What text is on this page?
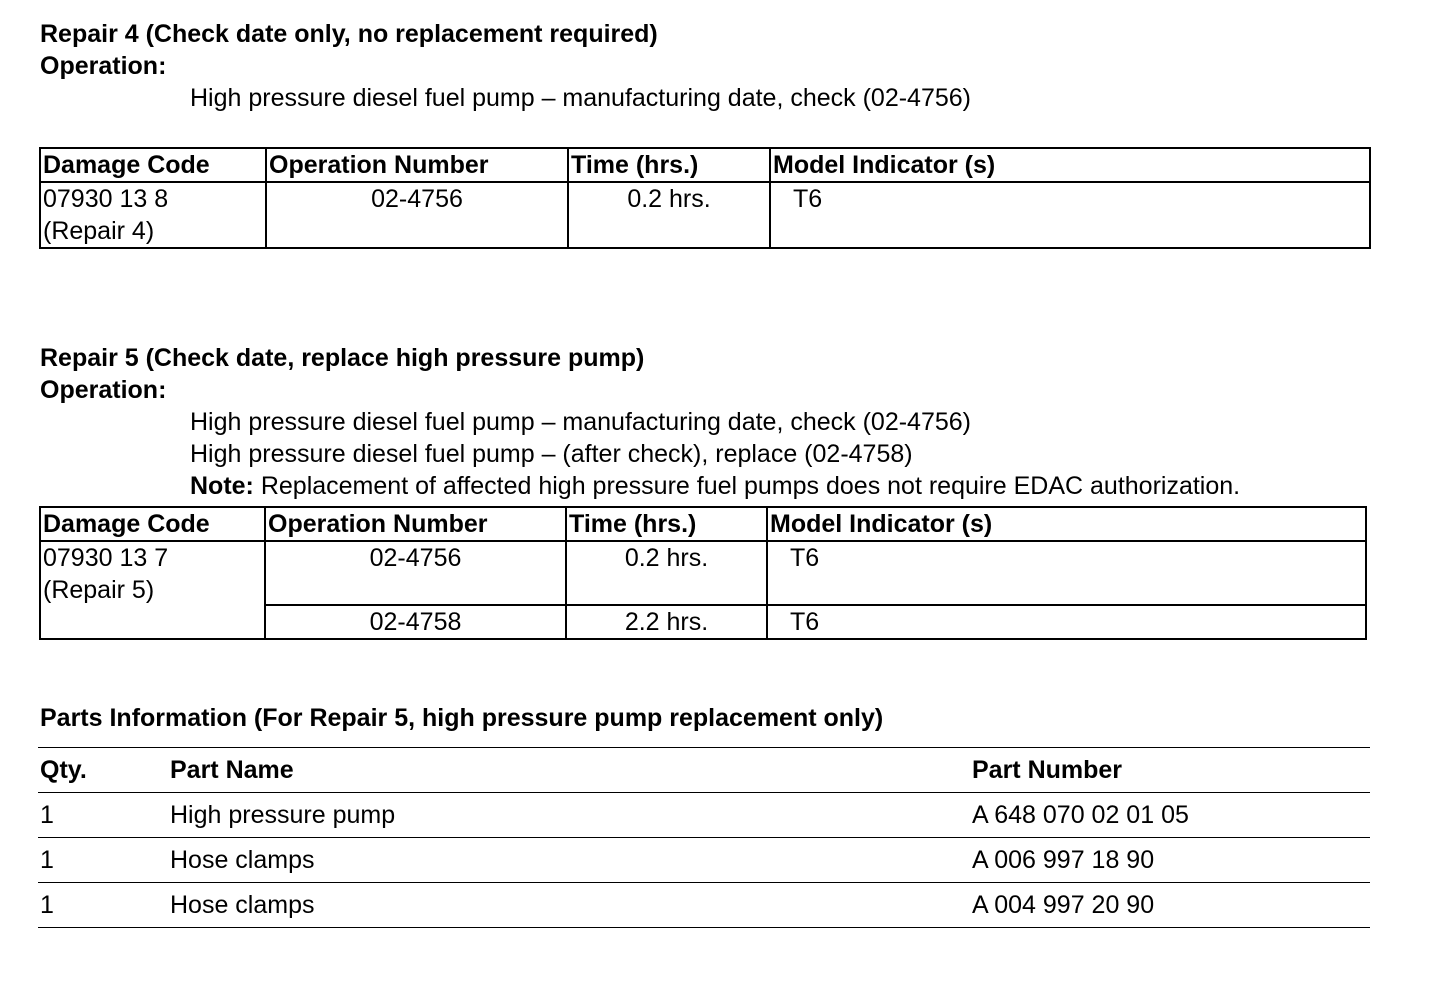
Repair 4 (Check date only, no replacement required)
Operation:
High pressure diesel fuel pump – manufacturing date, check (02-4756)
Damage Code	Operation Number	Time (hrs.)	Model Indicator (s)

07930 13 8
(Repair 4)	02-4756	0.2 hrs.	T6
Repair 5 (Check date, replace high pressure pump)
Operation:
High pressure diesel fuel pump – manufacturing date, check (02-4756)
High pressure diesel fuel pump – (after check), replace (02-4758)
Note: Replacement of affected high pressure fuel pumps does not require EDAC authorization.
Damage Code	Operation Number	Time (hrs.)	Model Indicator (s)

07930 13 7
(Repair 5)	02-4756	0.2 hrs.	T6
	02-4758	2.2 hrs.	T6
Parts Information (For Repair 5, high pressure pump replacement only)
Qty.	Part Name	Part Number
1	High pressure pump	A 648 070 02 01 05
1	Hose clamps	A 006 997 18 90
1	Hose clamps	A 004 997 20 90
